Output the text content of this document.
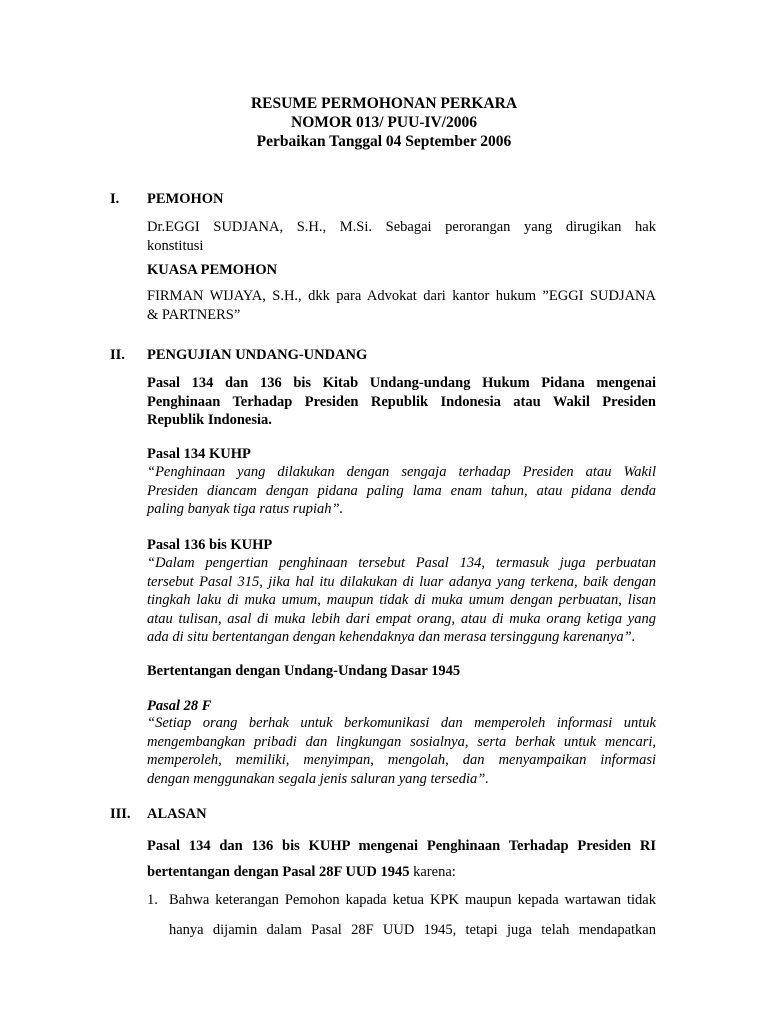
RESUME PERMOHONAN PERKARA
NOMOR 013/ PUU-IV/2006
Perbaikan Tanggal 04 September 2006
I. PEMOHON
Dr.EGGI SUDJANA, S.H., M.Si. Sebagai perorangan yang dirugikan hak
konstitusi
KUASA PEMOHON
FIRMAN WIJAYA, S.H., dkk para Advokat dari kantor hukum ”EGGI SUDJANA
& PARTNERS”
II. PENGUJIAN UNDANG-UNDANG
Pasal 134 dan 136 bis Kitab Undang-undang Hukum Pidana mengenai
Penghinaan Terhadap Presiden Republik Indonesia atau Wakil Presiden
Republik Indonesia.
Pasal 134 KUHP
“Penghinaan yang dilakukan dengan sengaja terhadap Presiden atau Wakil
Presiden diancam dengan pidana paling lama enam tahun, atau pidana denda
paling banyak tiga ratus rupiah”.
Pasal 136 bis KUHP
“Dalam pengertian penghinaan tersebut Pasal 134, termasuk juga perbuatan
tersebut Pasal 315, jika hal itu dilakukan di luar adanya yang terkena, baik dengan
tingkah laku di muka umum, maupun tidak di muka umum dengan perbuatan, lisan
atau tulisan, asal di muka lebih dari empat orang, atau di muka orang ketiga yang
ada di situ bertentangan dengan kehendaknya dan merasa tersinggung karenanya”.
Bertentangan dengan Undang-Undang Dasar 1945
Pasal 28 F
“Setiap orang berhak untuk berkomunikasi dan memperoleh informasi untuk
mengembangkan pribadi dan lingkungan sosialnya, serta berhak untuk mencari,
memperoleh, memiliki, menyimpan, mengolah, dan menyampaikan informasi
dengan menggunakan segala jenis saluran yang tersedia”.
III. ALASAN
Pasal 134 dan 136 bis KUHP mengenai Penghinaan Terhadap Presiden RI
bertentangan dengan Pasal 28F UUD 1945 karena:
1. Bahwa keterangan Pemohon kapada ketua KPK maupun kepada wartawan tidak
hanya dijamin dalam Pasal 28F UUD 1945, tetapi juga telah mendapatkan
